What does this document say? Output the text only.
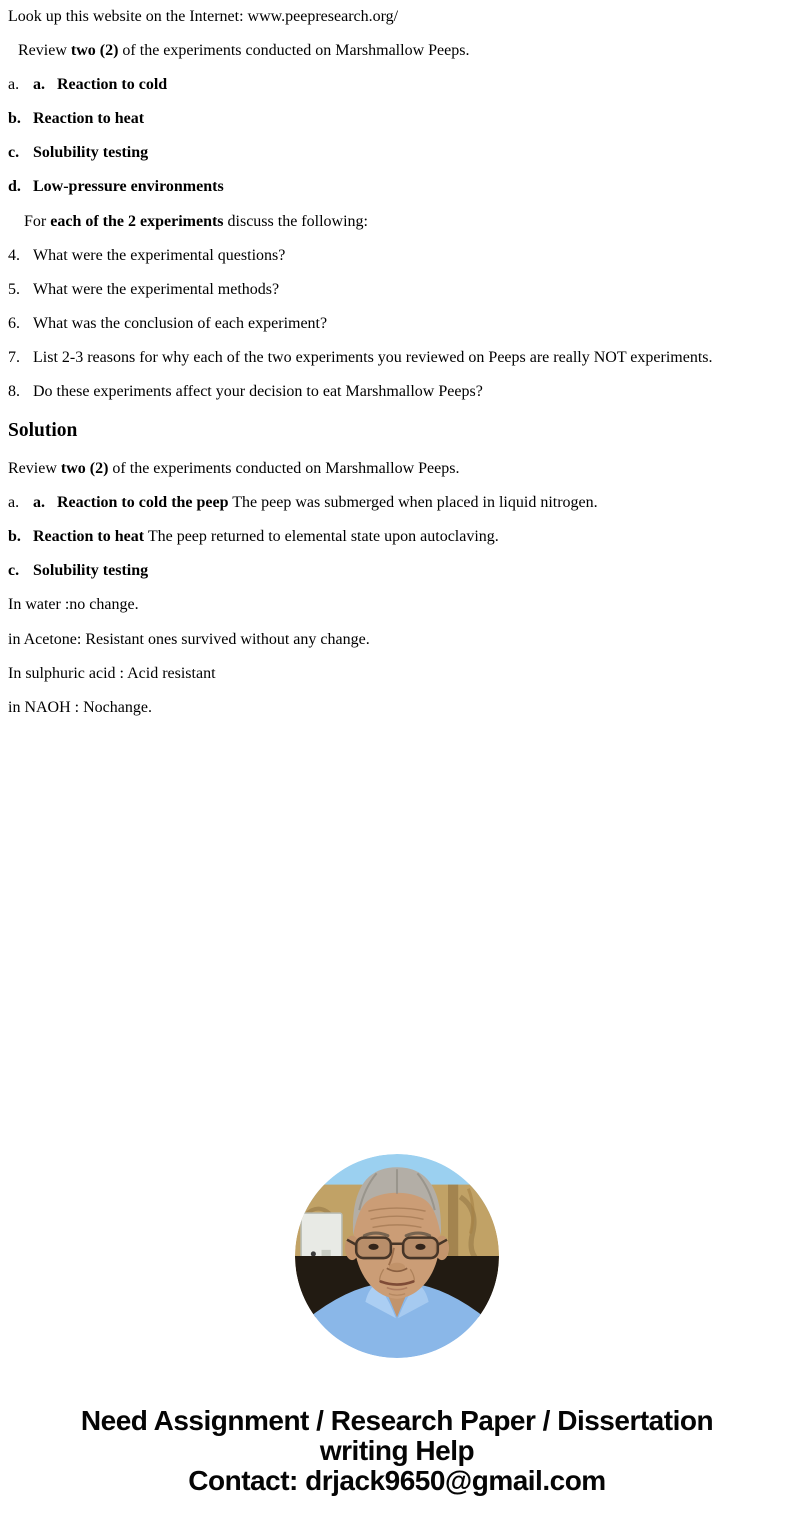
Look up this website on the Internet: www.peepresearch.org/

Review two (2) of the experiments conducted on Marshmallow Peeps.

a. a. Reaction to cold

b. Reaction to heat

c. Solubility testing

d. Low-pressure environments

For each of the 2 experiments discuss the following:

4. What were the experimental questions?

5. What were the experimental methods?

6. What was the conclusion of each experiment?

7. List 2-3 reasons for why each of the two experiments you reviewed on Peeps are really NOT experiments.

8. Do these experiments affect your decision to eat Marshmallow Peeps?

Solution

Review two (2) of the experiments conducted on Marshmallow Peeps.

a. a. Reaction to cold the peep The peep was submerged when placed in liquid nitrogen.

b. Reaction to heat The peep returned to elemental state upon autoclaving.

c. Solubility testing

In water :no change.

in Acetone: Resistant ones survived without any change.

In sulphuric acid : Acid resistant

in NAOH : Nochange.

Need Assignment / Research Paper / Dissertation
writing Help
Contact: drjack9650@gmail.com
